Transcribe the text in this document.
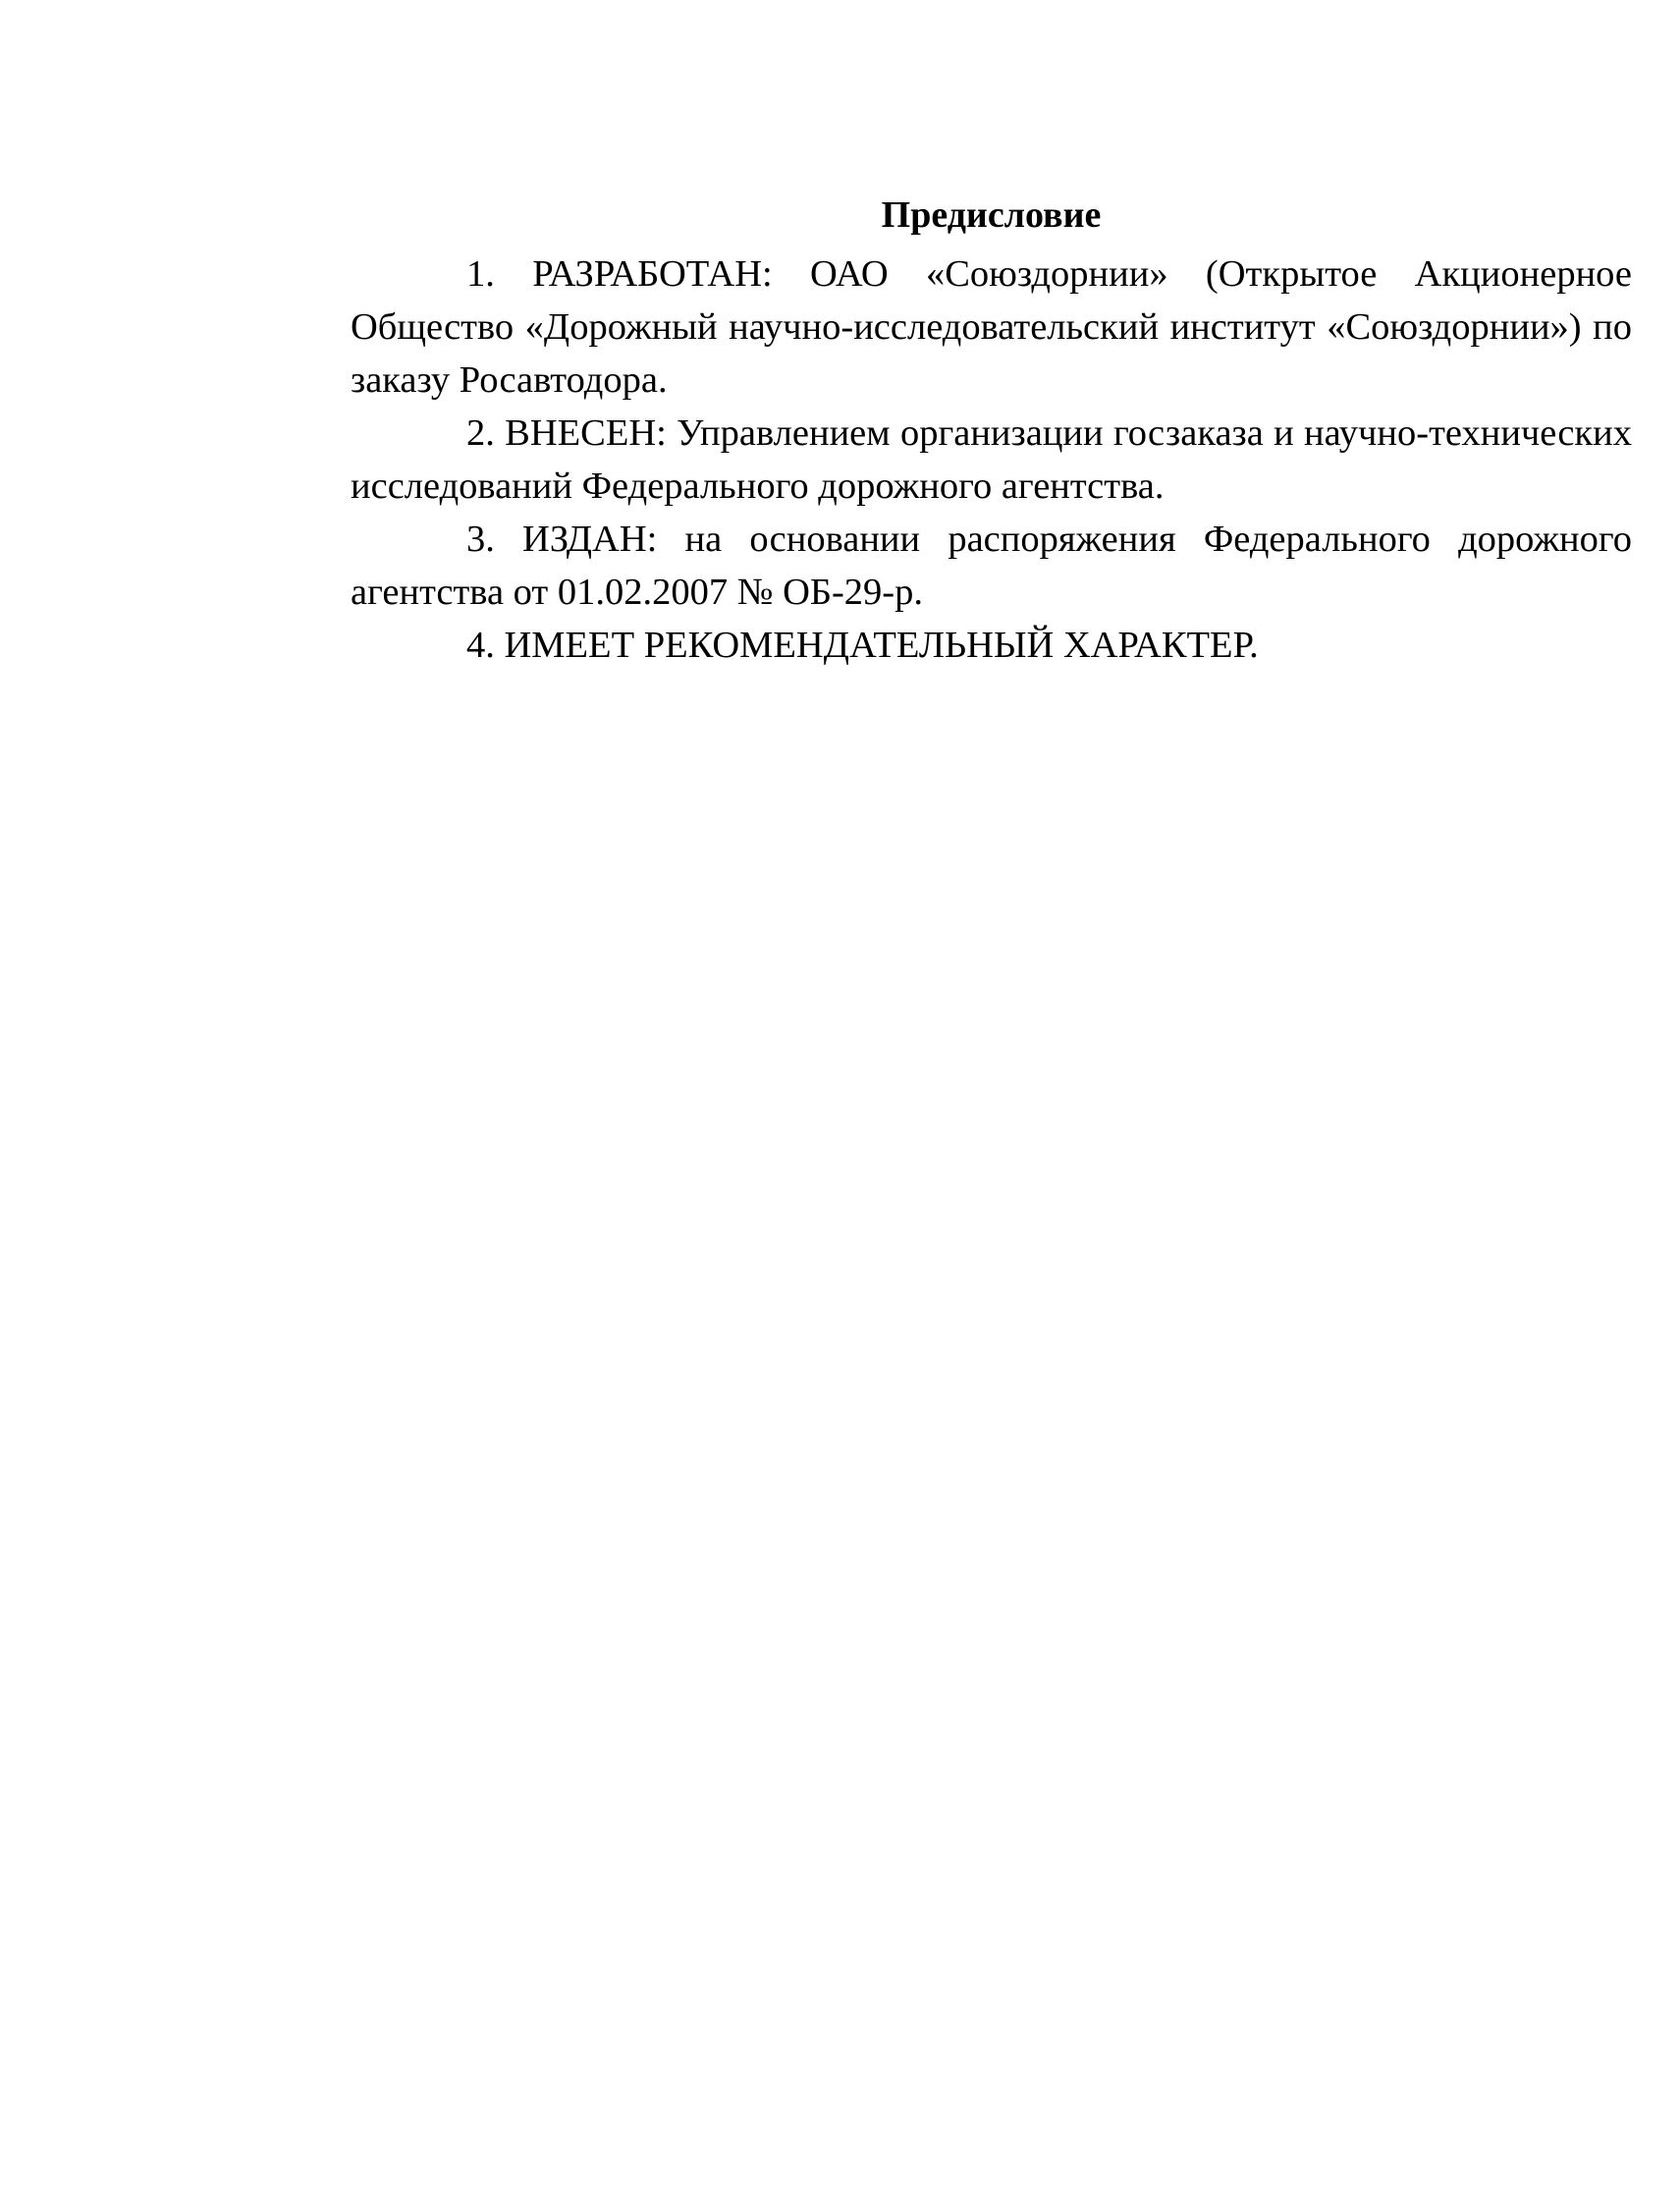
Предисловие

1. РАЗРАБОТАН: ОАО «Союздорнии» (Открытое Акционерное Общество «Дорожный научно-исследовательский институт «Союздорнии») по заказу Росавтодора.

2. ВНЕСЕН: Управлением организации госзаказа и научно-технических исследований Федерального дорожного агентства.

3. ИЗДАН: на основании распоряжения Федерального дорожного агентства от 01.02.2007 № ОБ-29-р.

4. ИМЕЕТ РЕКОМЕНДАТЕЛЬНЫЙ ХАРАКТЕР.
